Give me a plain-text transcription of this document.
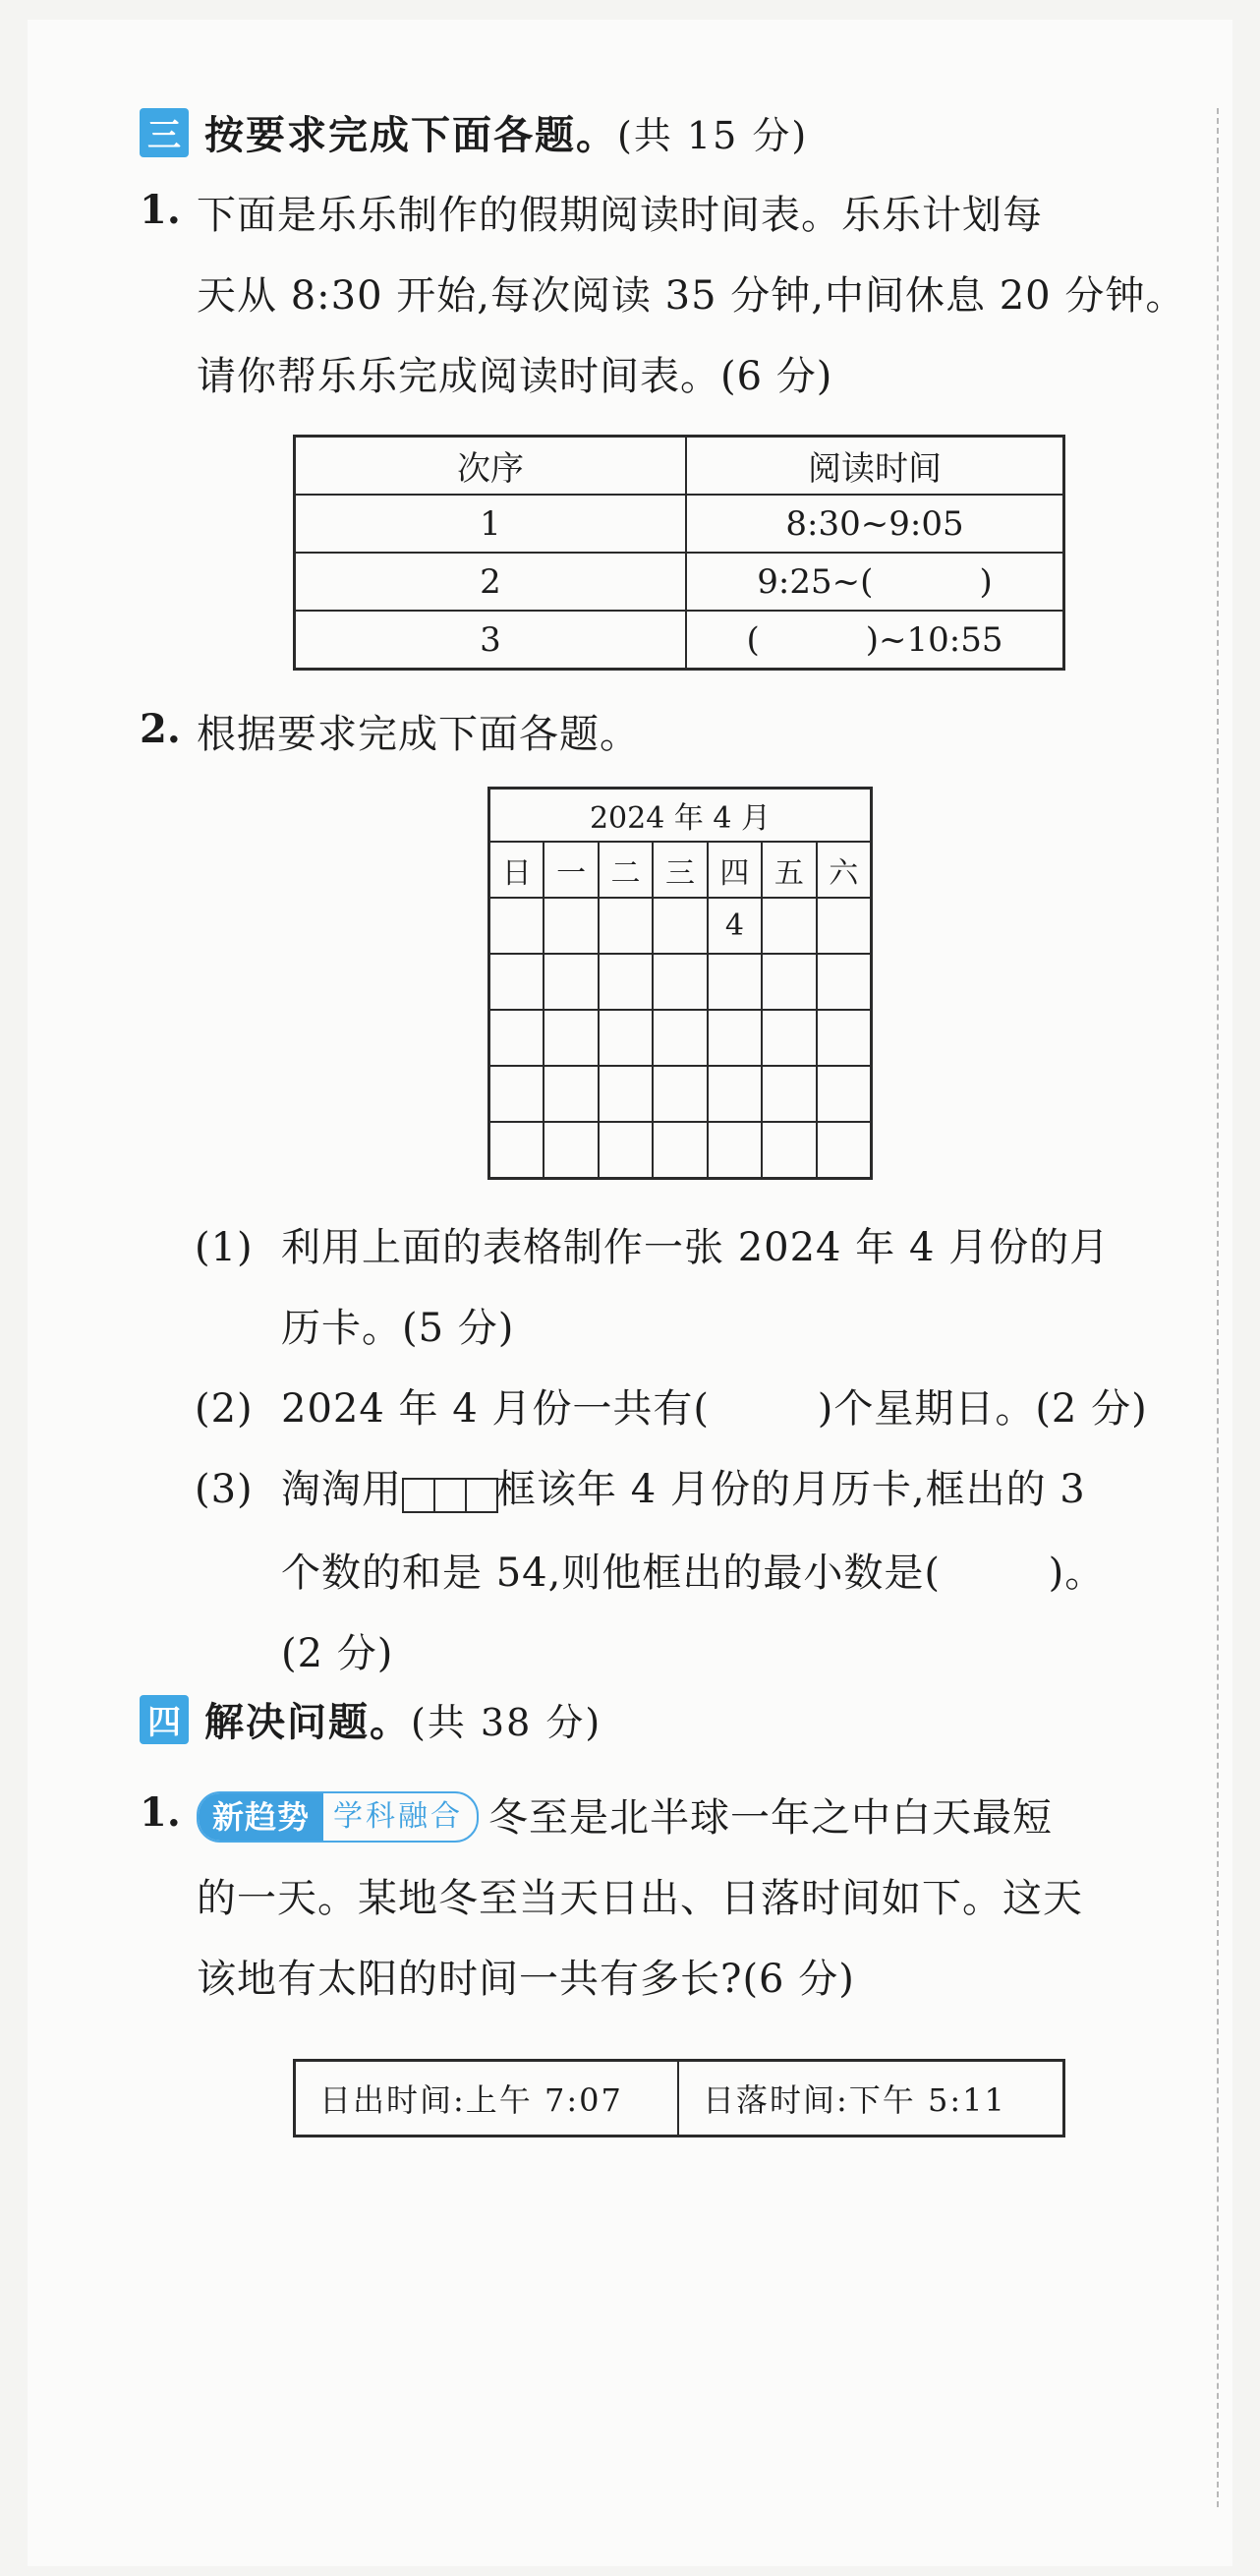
三 按要求完成下面各题。 (共 15 分)
1. 下面是乐乐制作的假期阅读时间表。乐乐计划每
天从 8:30 开始,每次阅读 35 分钟,中间休息 20 分钟。
请你帮乐乐完成阅读时间表。(6 分)
次序	阅读时间
1	8:30~9:05
2	9:25~(          )
3	(          )~10:55
2. 根据要求完成下面各题。
2024 年 4 月						
日	一	二	三	四	五	六
				4		

(1) 利用上面的表格制作一张 2024 年 4 月份的月
历卡。(5 分)
(2) 2024 年 4 月份一共有(        )个星期日。(2 分)
(3) 淘淘用 框该年 4 月份的月历卡,框出的 3
个数的和是 54,则他框出的最小数是(        )。
(2 分)
四 解决问题。 (共 38 分)
1.	新趋势 学科融合 冬至是北半球一年之中白天最短
的一天。某地冬至当天日出、日落时间如下。这天
该地有太阳的时间一共有多长?(6 分)
日出时间:上午 7:07	日落时间:下午 5:11
